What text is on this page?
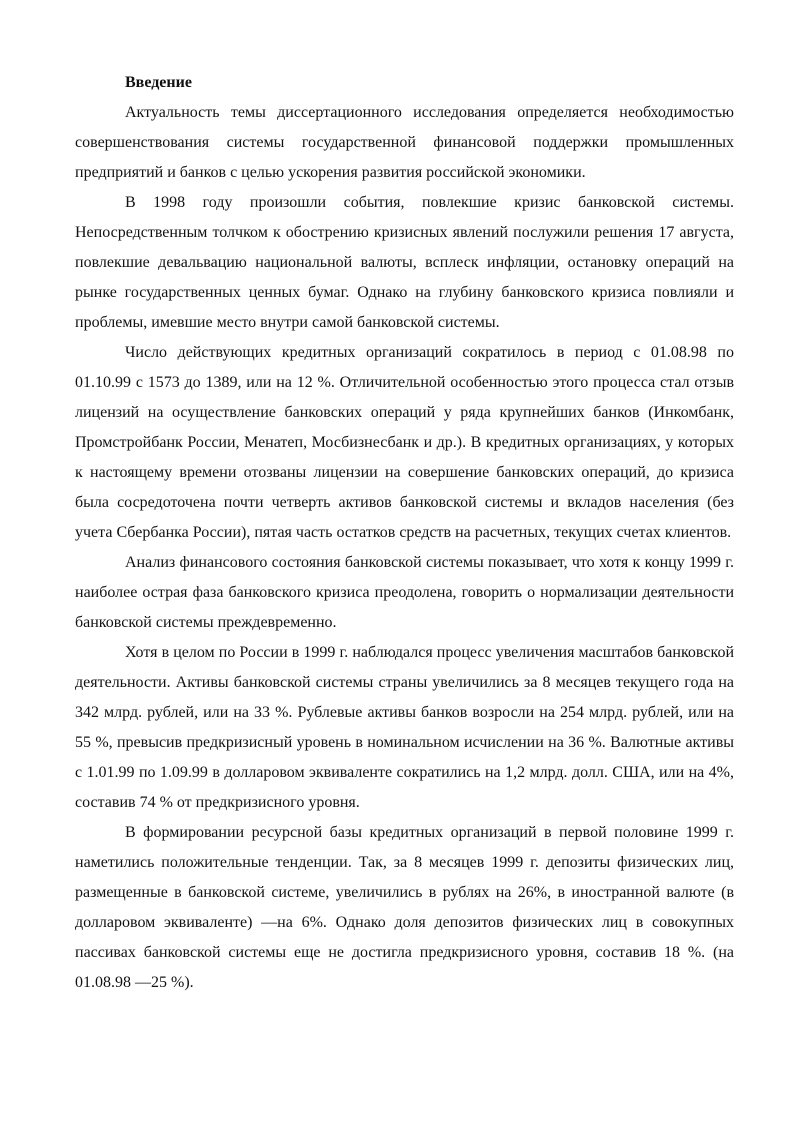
Введение

Актуальность темы диссертационного исследования определяется необходимостью совершенствования системы государственной финансовой поддержки промышленных предприятий и банков с целью ускорения развития российской экономики.

В 1998 году произошли события, повлекшие кризис банковской системы. Непосредственным толчком к обострению кризисных явлений послужили решения 17 августа, повлекшие девальвацию национальной валюты, всплеск инфляции, остановку операций на рынке государственных ценных бумаг. Однако на глубину банковского кризиса повлияли и проблемы, имевшие место внутри самой банковской системы.

Число действующих кредитных организаций сократилось в период с 01.08.98 по 01.10.99 с 1573 до 1389, или на 12 %. Отличительной особенностью этого процесса стал отзыв лицензий на осуществление банковских операций у ряда крупнейших банков (Инкомбанк, Промстройбанк России, Менатеп, Мосбизнесбанк и др.). В кредитных организациях, у которых к настоящему времени отозваны лицензии на совершение банковских операций, до кризиса была сосредоточена почти четверть активов банковской системы и вкладов населения (без учета Сбербанка России), пятая часть остатков средств на расчетных, текущих счетах клиентов.

Анализ финансового состояния банковской системы показывает, что хотя к концу 1999 г. наиболее острая фаза банковского кризиса преодолена, говорить о нормализации деятельности банковской системы преждевременно.

Хотя в целом по России в 1999 г. наблюдался процесс увеличения масштабов банковской деятельности. Активы банковской системы страны увеличились за 8 месяцев текущего года на 342 млрд. рублей, или на 33 %. Рублевые активы банков возросли на 254 млрд. рублей, или на 55 %, превысив предкризисный уровень в номинальном исчислении на 36 %. Валютные активы с 1.01.99 по 1.09.99 в долларовом эквиваленте сократились на 1,2 млрд. долл. США, или на 4%, составив 74 % от предкризисного уровня.

В формировании ресурсной базы кредитных организаций в первой половине 1999 г. наметились положительные тенденции. Так, за 8 месяцев 1999 г. депозиты физических лиц, размещенные в банковской системе, увеличились в рублях на 26%, в иностранной валюте (в долларовом эквиваленте) —на 6%. Однако доля депозитов физических лиц в совокупных пассивах банковской системы еще не достигла предкризисного уровня, составив 18 %. (на 01.08.98 —25 %).
